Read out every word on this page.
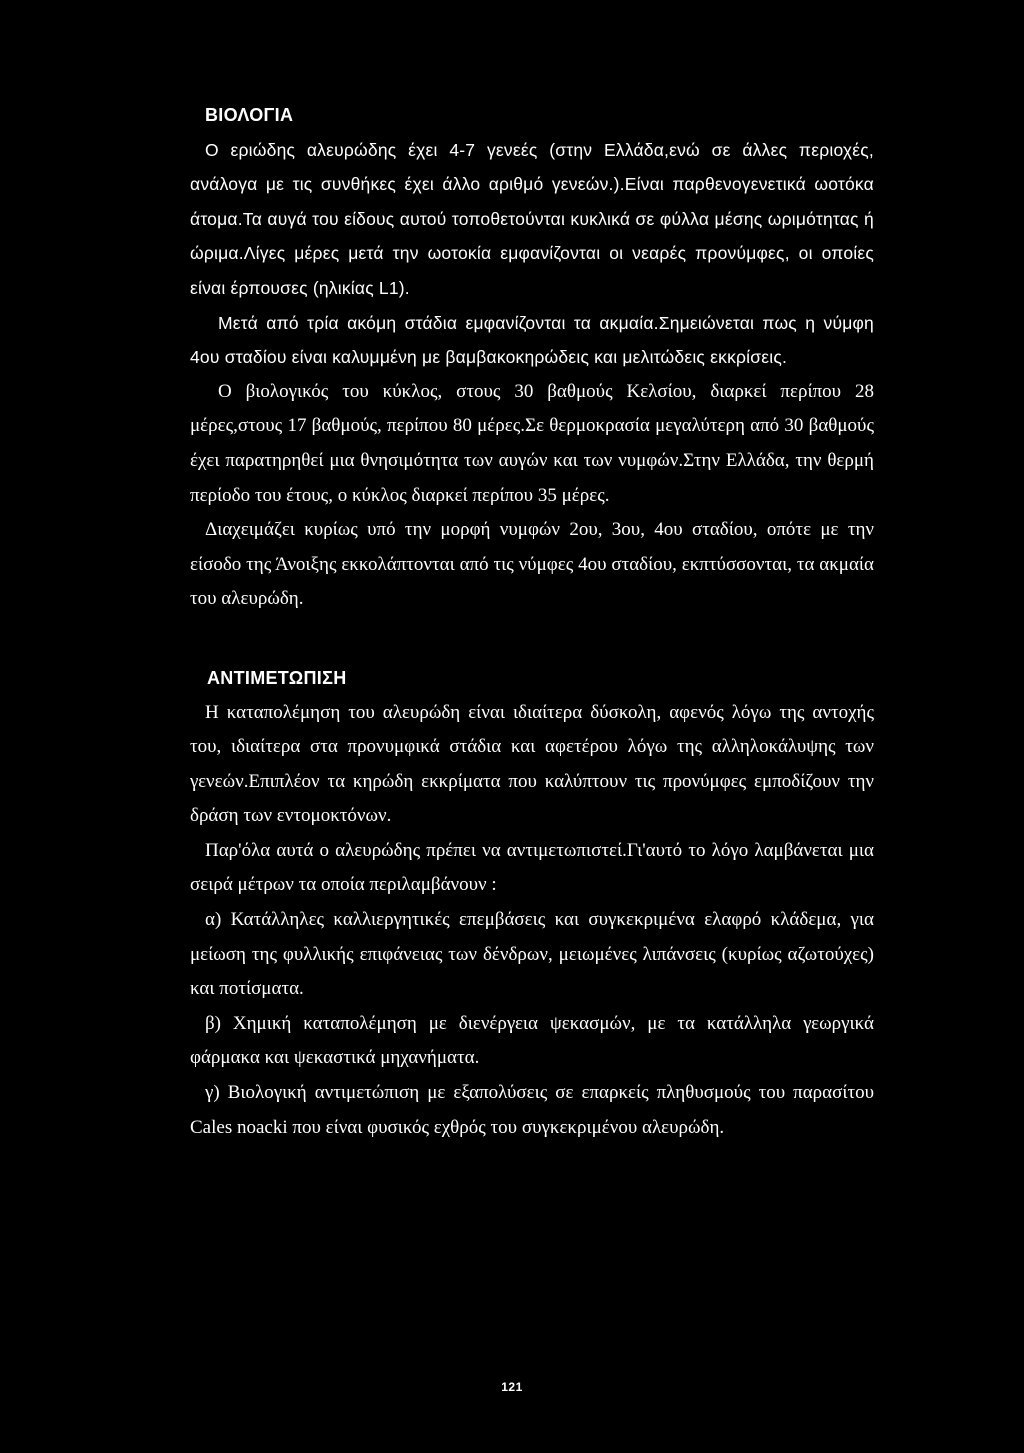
ΒΙΟΛΟΓΙΑ

Ο εριώδης αλευρώδης έχει 4-7 γενεές (στην Ελλάδα,ενώ σε άλλες περιοχές, ανάλογα με τις συνθήκες έχει άλλο αριθμό γενεών.).Είναι παρθενογενετικά ωοτόκα άτομα.Τα αυγά του είδους αυτού τοποθετούνται κυκλικά σε φύλλα μέσης ωριμότητας ή ώριμα.Λίγες μέρες μετά την ωοτοκία εμφανίζονται οι νεαρές προνύμφες, οι οποίες είναι έρπουσες (ηλικίας L1).

Μετά από τρία ακόμη στάδια εμφανίζονται τα ακμαία.Σημειώνεται πως η νύμφη 4ου σταδίου είναι καλυμμένη με βαμβακοκηρώδεις και μελιτώδεις εκκρίσεις.

Ο βιολογικός του κύκλος, στους 30 βαθμούς Κελσίου, διαρκεί περίπου 28 μέρες,στους 17 βαθμούς, περίπου 80 μέρες.Σε θερμοκρασία μεγαλύτερη από 30 βαθμούς έχει παρατηρηθεί μια θνησιμότητα των αυγών και των νυμφών.Στην Ελλάδα, την θερμή περίοδο του έτους, ο κύκλος διαρκεί περίπου 35 μέρες.

Διαχειμάζει κυρίως υπό την μορφή νυμφών 2ου, 3ου, 4ου σταδίου, οπότε με την είσοδο της Άνοιξης εκκολάπτονται από τις νύμφες 4ου σταδίου, εκπτύσσονται, τα ακμαία του αλευρώδη.

ΑΝΤΙΜΕΤΩΠΙΣΗ

Η καταπολέμηση του αλευρώδη είναι ιδιαίτερα δύσκολη, αφενός λόγω της αντοχής του, ιδιαίτερα στα προνυμφικά στάδια και αφετέρου λόγω της αλληλοκάλυψης των γενεών.Επιπλέον τα κηρώδη εκκρίματα που καλύπτουν τις προνύμφες εμποδίζουν την δράση των εντομοκτόνων.

Παρ'όλα αυτά ο αλευρώδης πρέπει να αντιμετωπιστεί.Γι'αυτό το λόγο λαμβάνεται μια σειρά μέτρων τα οποία περιλαμβάνουν :

α) Κατάλληλες καλλιεργητικές επεμβάσεις και συγκεκριμένα ελαφρό κλάδεμα, για μείωση της φυλλικής επιφάνειας των δένδρων, μειωμένες λιπάνσεις (κυρίως αζωτούχες) και ποτίσματα.

β) Χημική καταπολέμηση με διενέργεια ψεκασμών, με τα κατάλληλα γεωργικά φάρμακα και ψεκαστικά μηχανήματα.

γ) Βιολογική αντιμετώπιση με εξαπολύσεις σε επαρκείς πληθυσμούς του παρασίτου Cales noacki που είναι φυσικός εχθρός του συγκεκριμένου αλευρώδη.

121
